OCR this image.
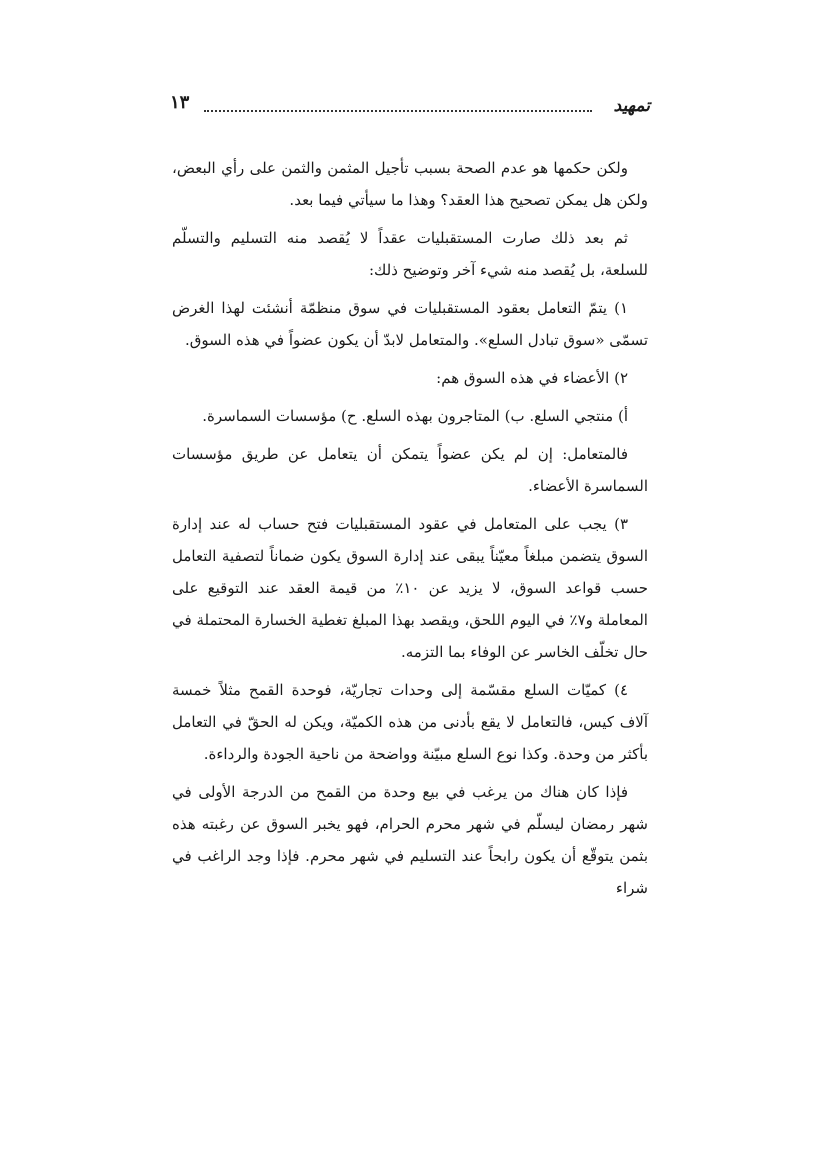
تمهيد
١٣

ولكن حكمها هو عدم الصحة بسبب تأجيل المثمن والثمن على رأي البعض، ولكن هل يمكن تصحيح هذا العقد؟ وهذا ما سيأتي فيما بعد.

ثم بعد ذلك صارت المستقبليات عقداً لا يُقصد منه التسليم والتسلّم للسلعة، بل يُقصد منه شيء آخر وتوضيح ذلك:

١) يتمّ التعامل بعقود المستقبليات في سوق منظمّة أنشئت لهذا الغرض تسمّى «سوق تبادل السلع». والمتعامل لابدّ أن يكون عضواً في هذه السوق.

٢) الأعضاء في هذه السوق هم:

أ) منتجي السلع. ب) المتاجرون بهذه السلع. ح) مؤسسات السماسرة.

فالمتعامل: إن لم يكن عضواً يتمكن أن يتعامل عن طريق مؤسسات السماسرة الأعضاء.

٣) يجب على المتعامل في عقود المستقبليات فتح حساب له عند إدارة السوق يتضمن مبلغاً معيّناً يبقى عند إدارة السوق يكون ضماناً لتصفية التعامل حسب قواعد السوق، لا يزيد عن ١٠٪ من قيمة العقد عند التوقيع على المعاملة و٧٪ في اليوم اللحق، ويقصد بهذا المبلغ تغطية الخسارة المحتملة في حال تخلّف الخاسر عن الوفاء بما التزمه.

٤) كميّات السلع مقسّمة إلى وحدات تجاريّة، فوحدة القمح مثلاً خمسة آلاف كيس، فالتعامل لا يقع بأدنى من هذه الكميّة، ويكن له الحقّ في التعامل بأكثر من وحدة. وكذا نوع السلع مبيّنة وواضحة من ناحية الجودة والرداءة.

فإذا كان هناك من يرغب في بيع وحدة من القمح من الدرجة الأولى في شهر رمضان ليسلّم في شهر محرم الحرام، فهو يخبر السوق عن رغبته هذه بثمن يتوقّع أن يكون رابحاً عند التسليم في شهر محرم. فإذا وجد الراغب في شراء
